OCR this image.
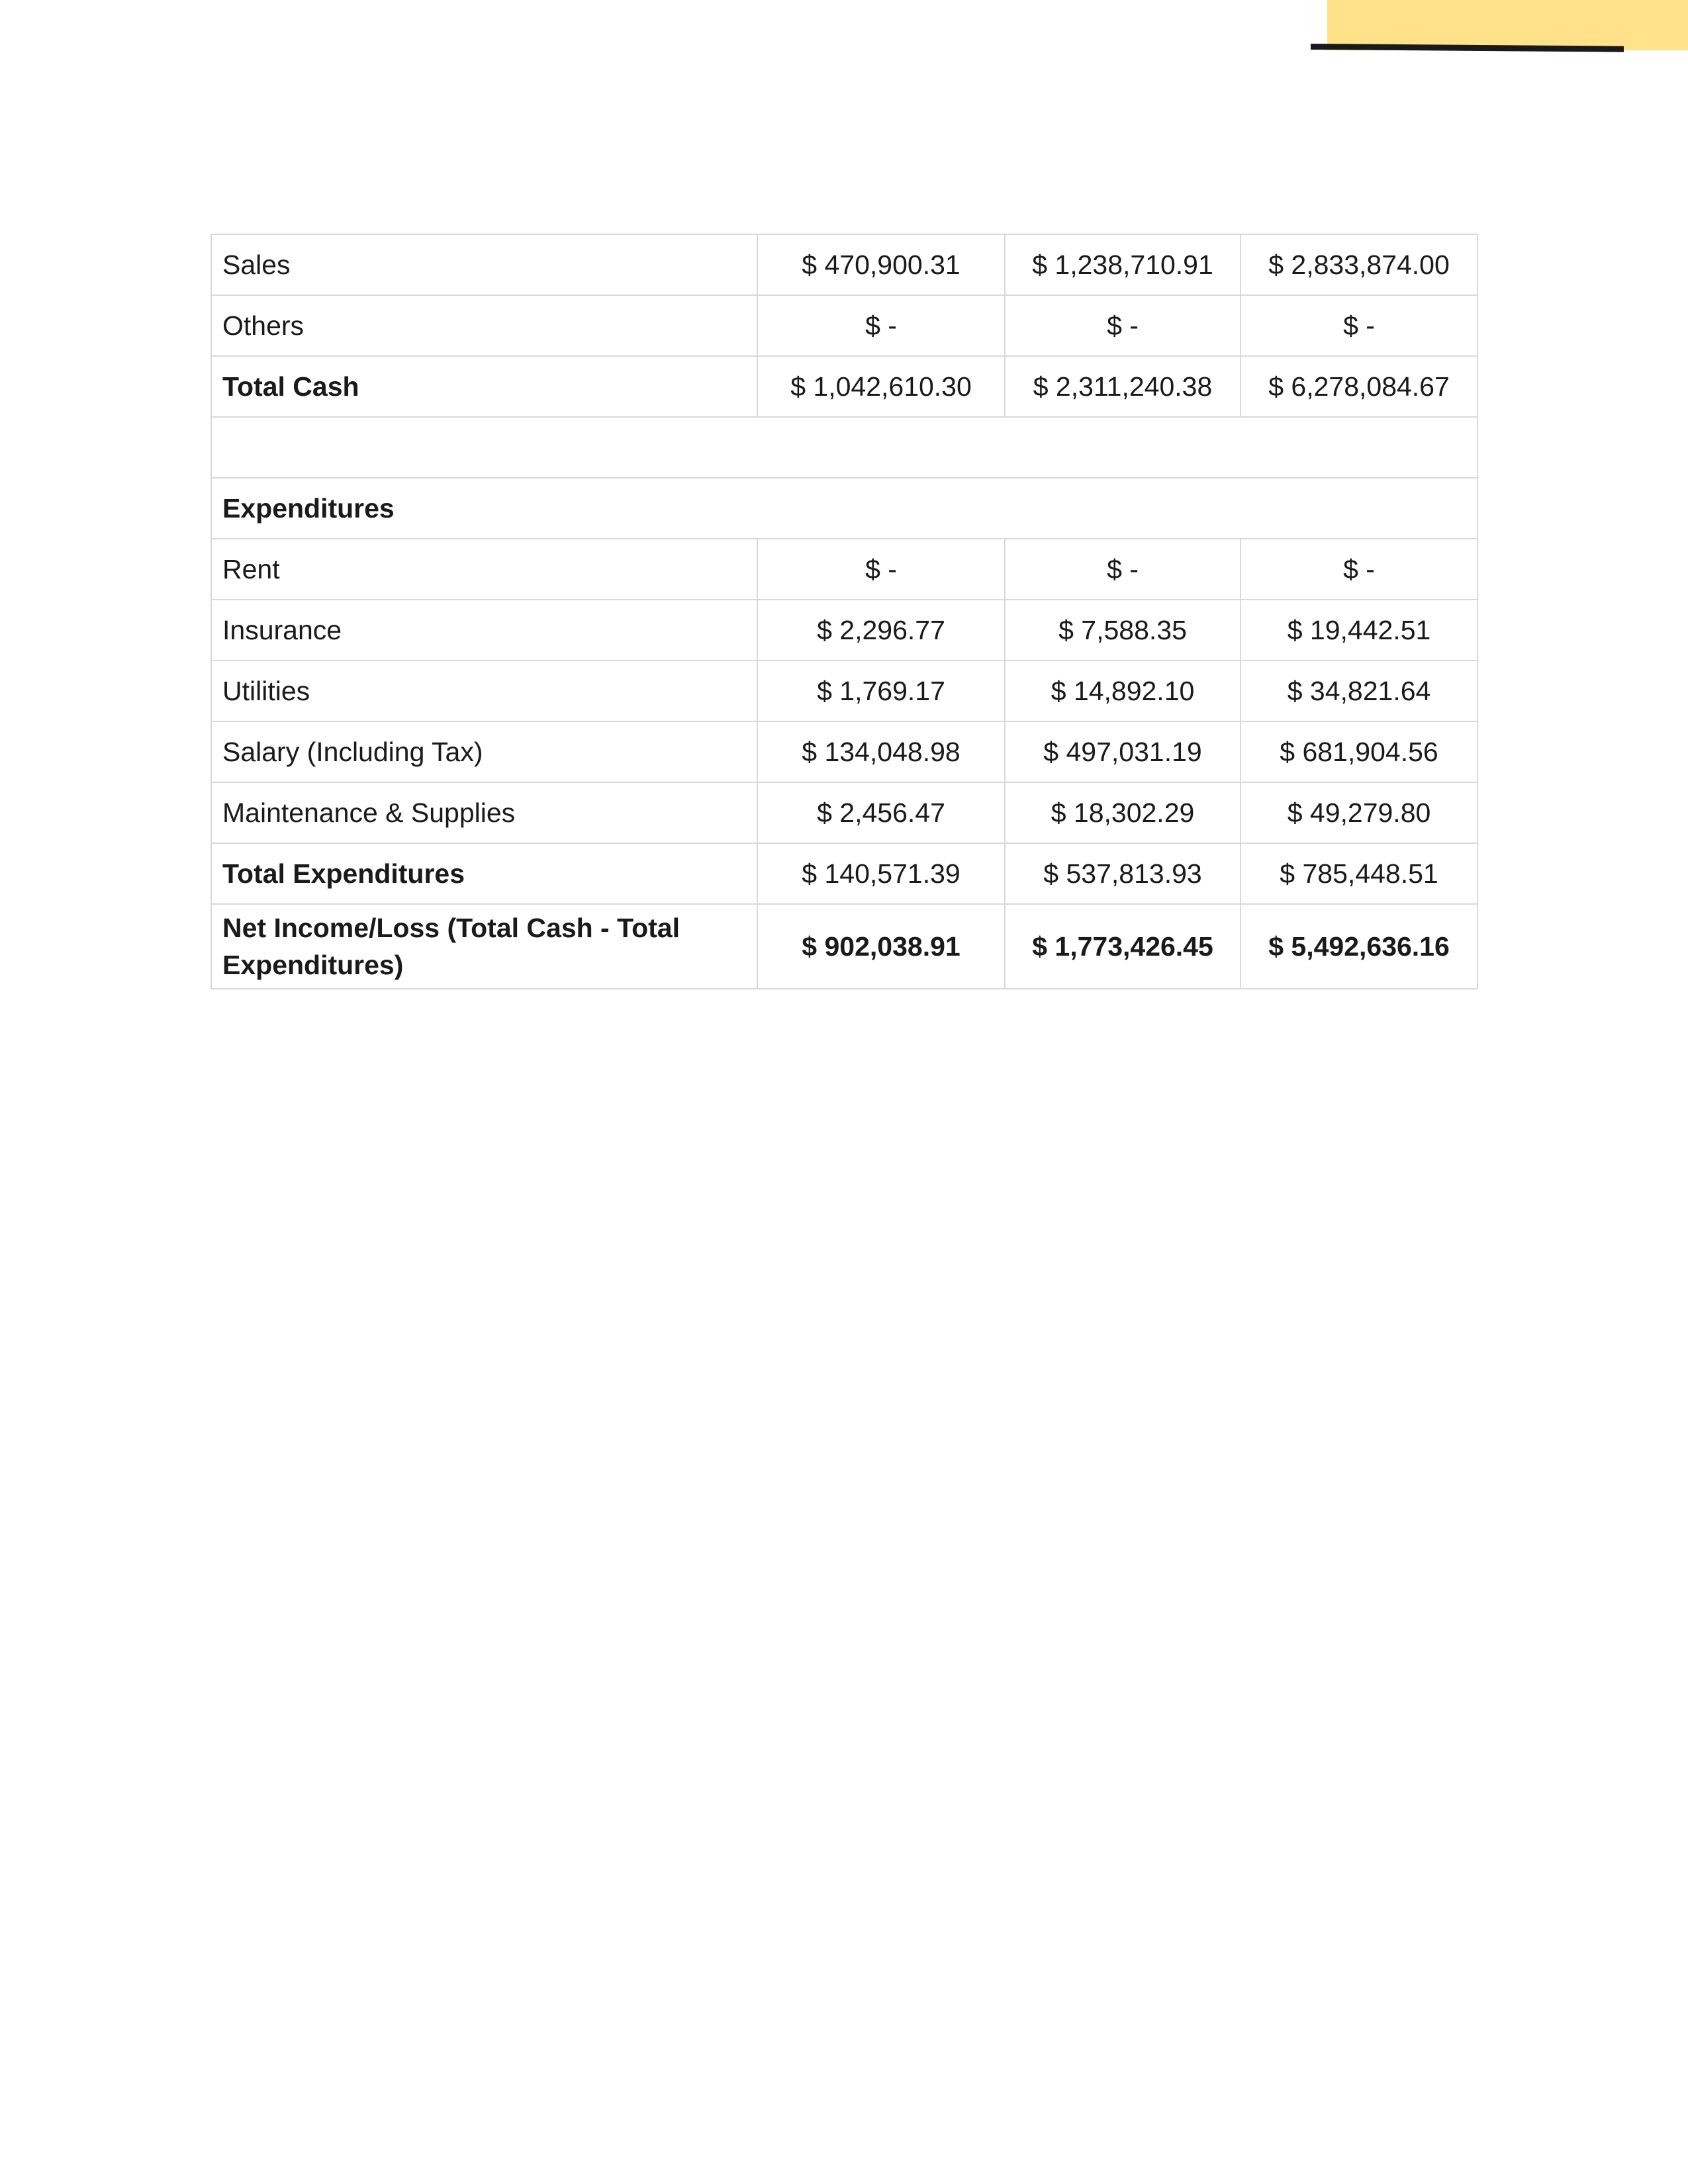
Sales	$ 470,900.31	$ 1,238,710.91	$ 2,833,874.00
Others	$ -	$ -	$ -
Total Cash	$ 1,042,610.30	$ 2,311,240.38	$ 6,278,084.67

Expenditures			
Rent	$ -	$ -	$ -
Insurance	$ 2,296.77	$ 7,588.35	$ 19,442.51
Utilities	$ 1,769.17	$ 14,892.10	$ 34,821.64
Salary (Including Tax)	$ 134,048.98	$ 497,031.19	$ 681,904.56
Maintenance & Supplies	$ 2,456.47	$ 18,302.29	$ 49,279.80
Total Expenditures	$ 140,571.39	$ 537,813.93	$ 785,448.51
Net Income/Loss (Total Cash - Total Expenditures)	$ 902,038.91	$ 1,773,426.45	$ 5,492,636.16
